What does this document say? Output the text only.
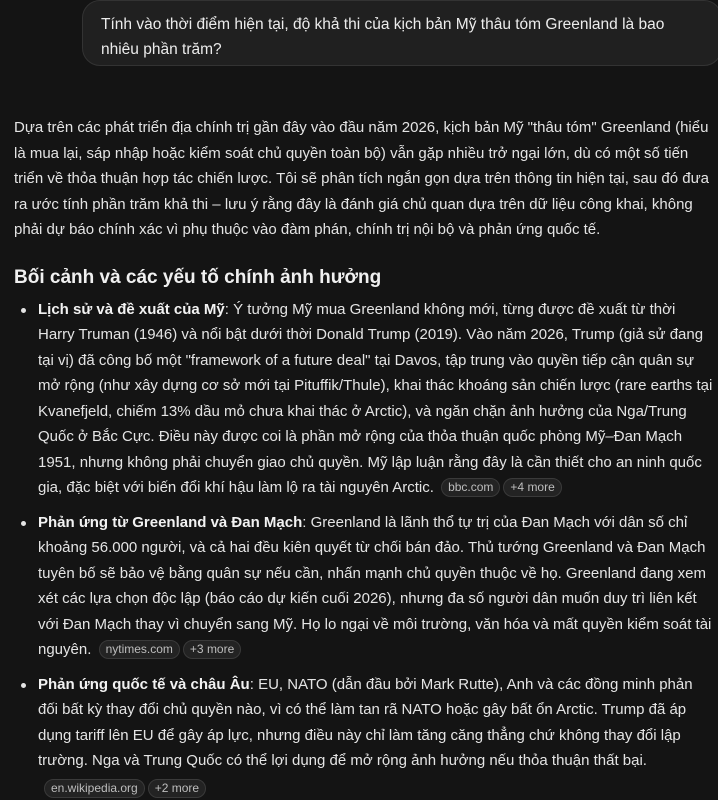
Tính vào thời điểm hiện tại, độ khả thi của kịch bản Mỹ thâu tóm Greenland là bao nhiêu phần trăm?

Dựa trên các phát triển địa chính trị gần đây vào đầu năm 2026, kịch bản Mỹ "thâu tóm" Greenland (hiểu là mua lại, sáp nhập hoặc kiểm soát chủ quyền toàn bộ) vẫn gặp nhiều trở ngại lớn, dù có một số tiến triển về thỏa thuận hợp tác chiến lược. Tôi sẽ phân tích ngắn gọn dựa trên thông tin hiện tại, sau đó đưa ra ước tính phần trăm khả thi – lưu ý rằng đây là đánh giá chủ quan dựa trên dữ liệu công khai, không phải dự báo chính xác vì phụ thuộc vào đàm phán, chính trị nội bộ và phản ứng quốc tế.

Bối cảnh và các yếu tố chính ảnh hưởng
Lịch sử và đề xuất của Mỹ: Ý tưởng Mỹ mua Greenland không mới, từng được đề xuất từ thời Harry Truman (1946) và nổi bật dưới thời Donald Trump (2019). Vào năm 2026, Trump (giả sử đang tại vị) đã công bố một "framework of a future deal" tại Davos, tập trung vào quyền tiếp cận quân sự mở rộng (như xây dựng cơ sở mới tại Pituffik/Thule), khai thác khoáng sản chiến lược (rare earths tại Kvanefjeld, chiếm 13% dầu mỏ chưa khai thác ở Arctic), và ngăn chặn ảnh hưởng của Nga/Trung Quốc ở Bắc Cực. Điều này được coi là phần mở rộng của thỏa thuận quốc phòng Mỹ–Đan Mạch 1951, nhưng không phải chuyển giao chủ quyền. Mỹ lập luận rằng đây là cần thiết cho an ninh quốc gia, đặc biệt với biến đổi khí hậu làm lộ ra tài nguyên Arctic. bbc.com +4 more
Phản ứng từ Greenland và Đan Mạch: Greenland là lãnh thổ tự trị của Đan Mạch với dân số chỉ khoảng 56.000 người, và cả hai đều kiên quyết từ chối bán đảo. Thủ tướng Greenland và Đan Mạch tuyên bố sẽ bảo vệ bằng quân sự nếu cần, nhấn mạnh chủ quyền thuộc về họ. Greenland đang xem xét các lựa chọn độc lập (báo cáo dự kiến cuối 2026), nhưng đa số người dân muốn duy trì liên kết với Đan Mạch thay vì chuyển sang Mỹ. Họ lo ngại về môi trường, văn hóa và mất quyền kiểm soát tài nguyên. nytimes.com +3 more
Phản ứng quốc tế và châu Âu: EU, NATO (dẫn đầu bởi Mark Rutte), Anh và các đồng minh phản đối bất kỳ thay đổi chủ quyền nào, vì có thể làm tan rã NATO hoặc gây bất ổn Arctic. Trump đã áp dụng tariff lên EU để gây áp lực, nhưng điều này chỉ làm tăng căng thẳng chứ không thay đổi lập trường. Nga và Trung Quốc có thể lợi dụng để mở rộng ảnh hưởng nếu thỏa thuận thất bại.
en.wikipedia.org +2 more
